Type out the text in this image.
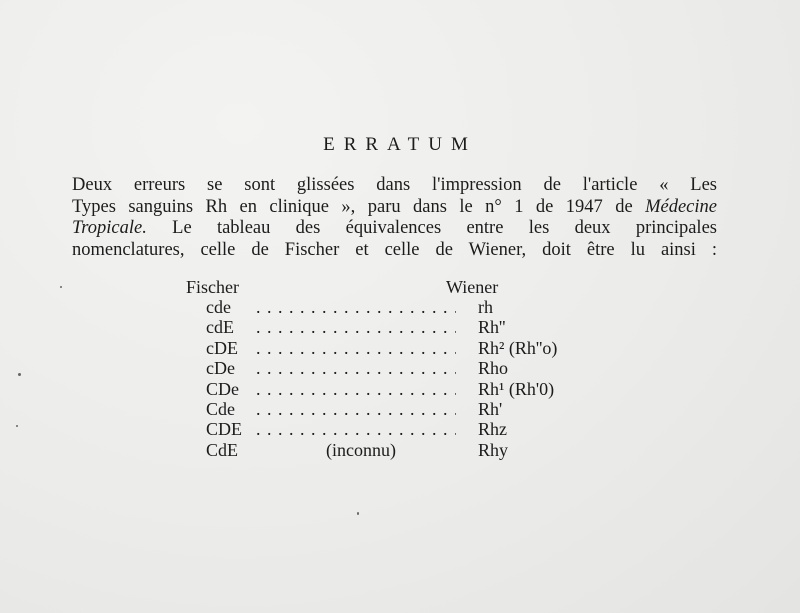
ERRATUM
Deux erreurs se sont glissées dans l'impression de l'article « Les
Types sanguins Rh en clinique », paru dans le n° 1 de 1947 de Médecine
Tropicale. Le tableau des équivalences entre les deux principales
nomenclatures, celle de Fischer et celle de Wiener, doit être lu ainsi :
Fischer	Wiener
cde . . .	rh
cdE . . .	Rh''
cDE . . .	Rh² (Rh''o)
cDe . . .	Rho
CDe . . .	Rh¹ (Rh'0)
Cde . . .	Rh'
CDE . . .	Rhz
CdE	(inconnu)	Rhy
